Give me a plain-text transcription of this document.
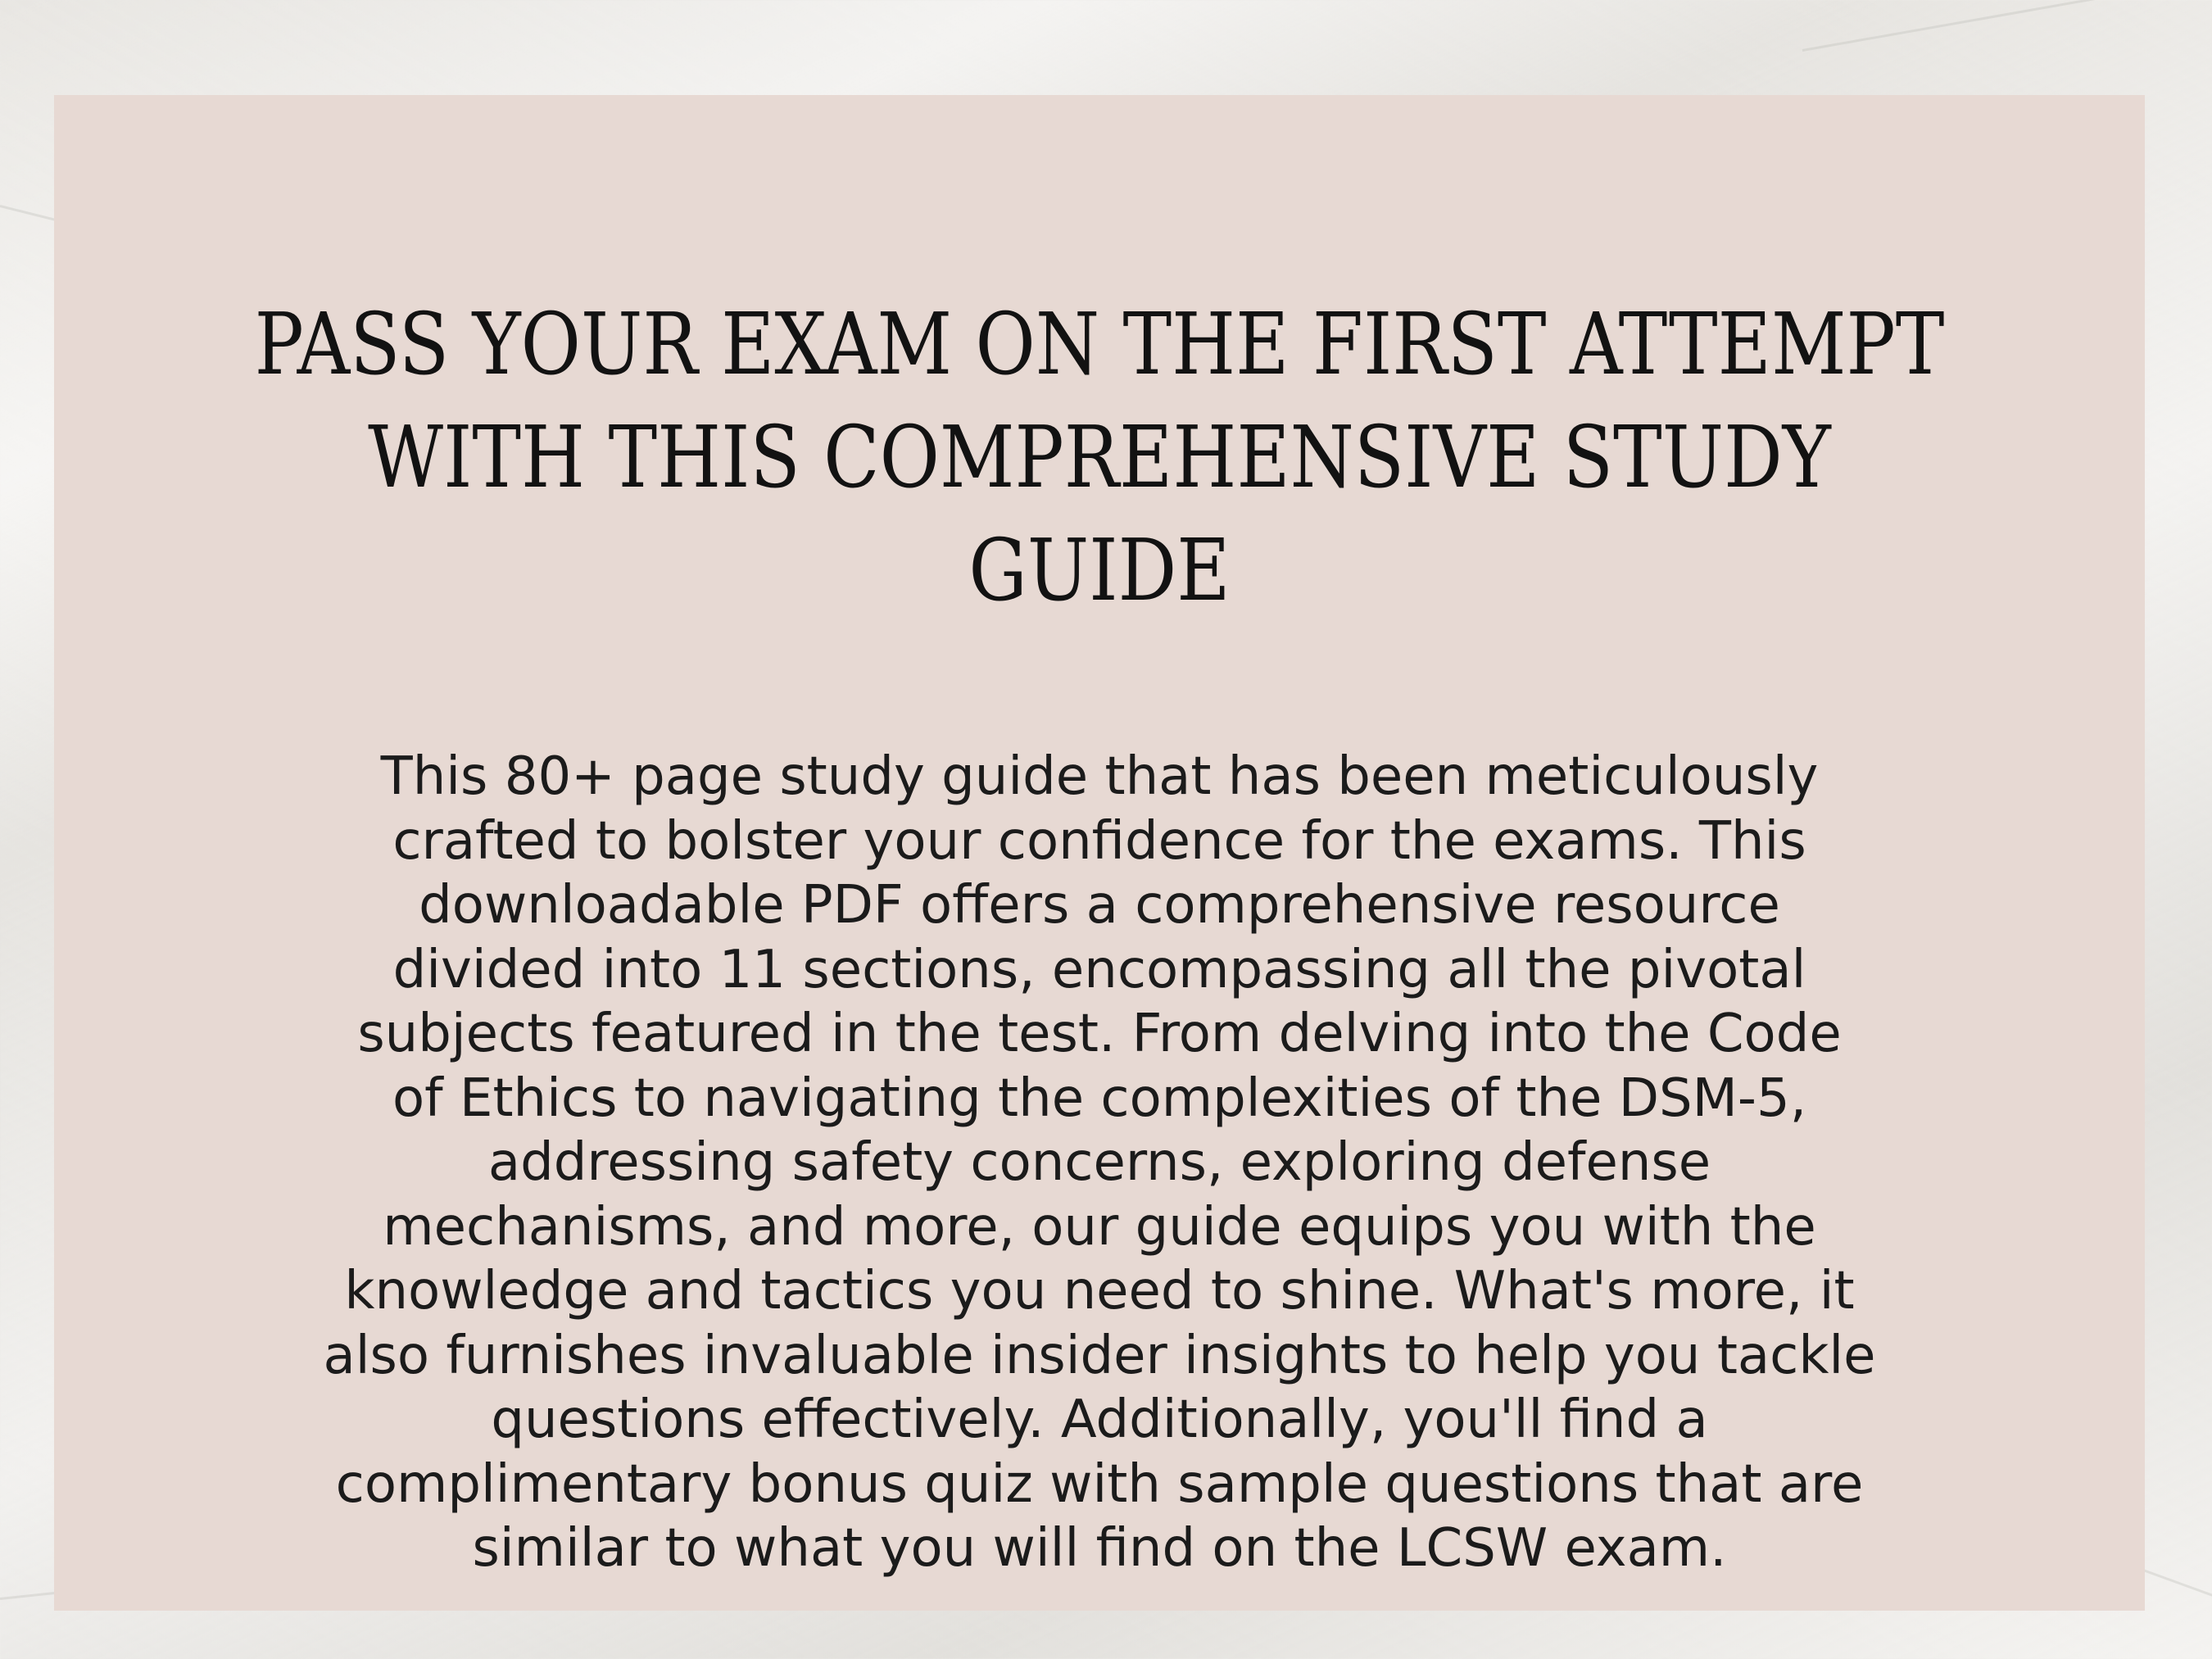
PASS YOUR EXAM ON THE FIRST ATTEMPT
WITH THIS COMPREHENSIVE STUDY
GUIDE

This 80+ page study guide that has been meticulously
crafted to bolster your confidence for the exams. This
downloadable PDF offers a comprehensive resource
divided into 11 sections, encompassing all the pivotal
subjects featured in the test. From delving into the Code
of Ethics to navigating the complexities of the DSM-5,
addressing safety concerns, exploring defense
mechanisms, and more, our guide equips you with the
knowledge and tactics you need to shine. What's more, it
also furnishes invaluable insider insights to help you tackle
questions effectively. Additionally, you'll find a
complimentary bonus quiz with sample questions that are
similar to what you will find on the LCSW exam.
